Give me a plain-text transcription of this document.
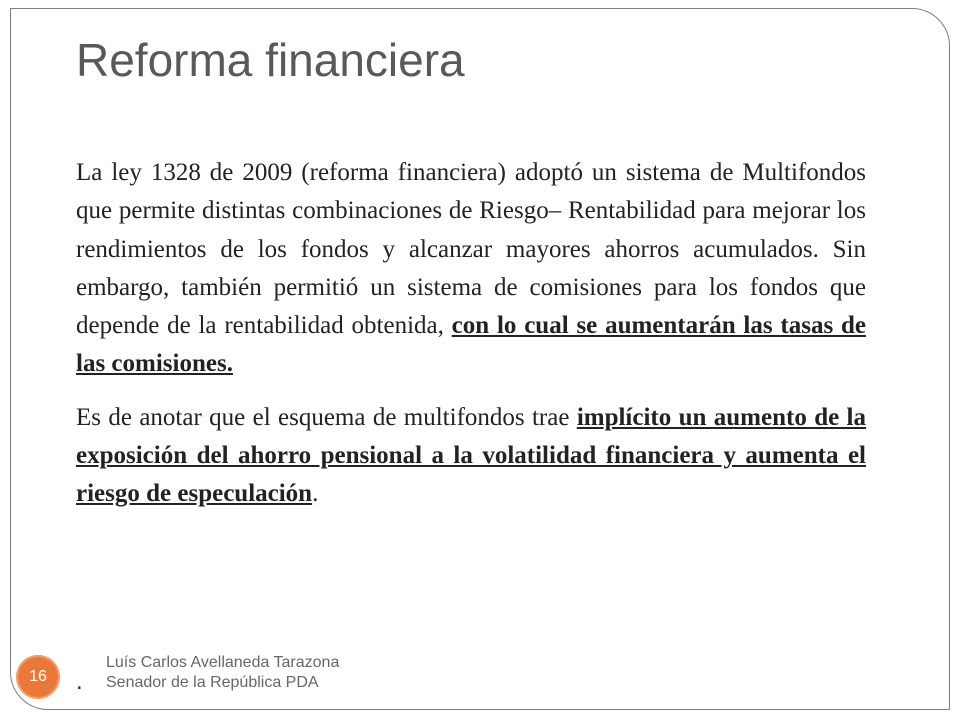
Reforma financiera

La ley 1328 de 2009 (reforma financiera) adoptó un sistema de Multifondos que permite distintas combinaciones de Riesgo– Rentabilidad para mejorar los rendimientos de los fondos y alcanzar mayores ahorros acumulados. Sin embargo, también permitió un sistema de comisiones para los fondos que depende de la rentabilidad obtenida, con lo cual se aumentarán las tasas de las comisiones.

Es de anotar que el esquema de multifondos trae implícito un aumento de la exposición del ahorro pensional a la volatilidad financiera y aumenta el riesgo de especulación.

.
16
Luís Carlos Avellaneda Tarazona
Senador de la República PDA
